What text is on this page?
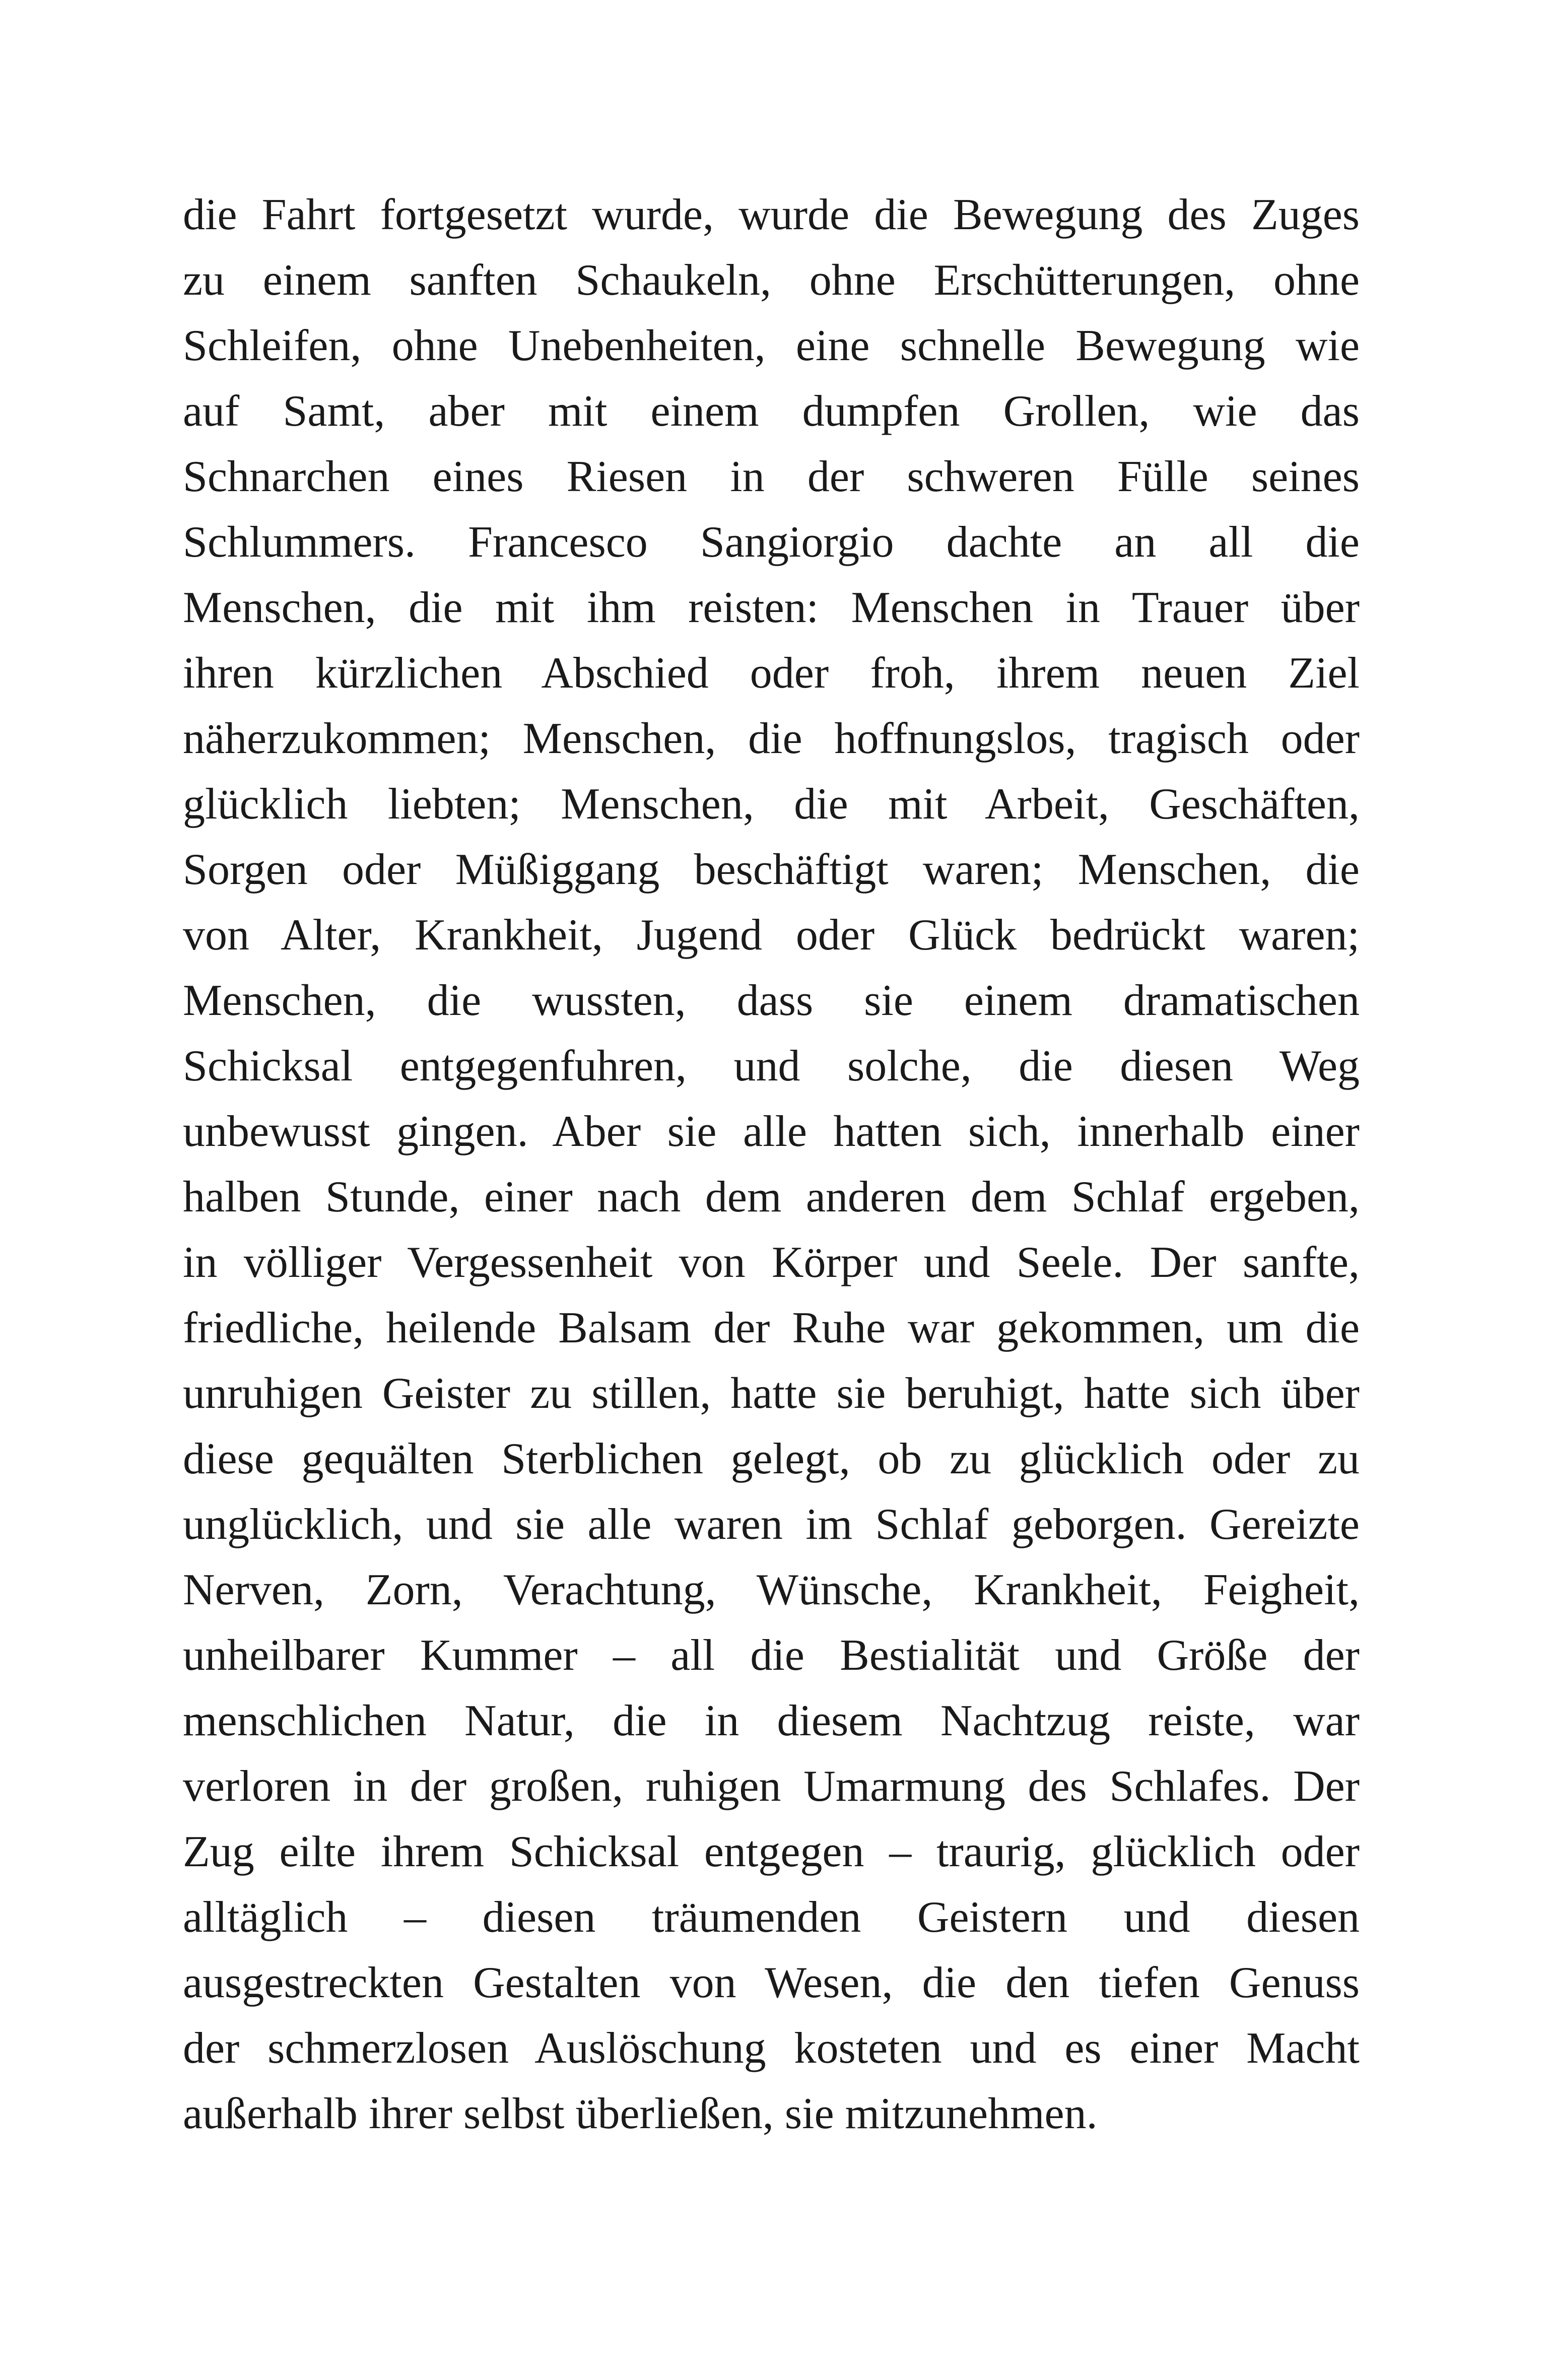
die Fahrt fortgesetzt wurde, wurde die Bewegung des Zuges
zu einem sanften Schaukeln, ohne Erschütterungen, ohne
Schleifen, ohne Unebenheiten, eine schnelle Bewegung wie
auf Samt, aber mit einem dumpfen Grollen, wie das
Schnarchen eines Riesen in der schweren Fülle seines
Schlummers. Francesco Sangiorgio dachte an all die
Menschen, die mit ihm reisten: Menschen in Trauer über
ihren kürzlichen Abschied oder froh, ihrem neuen Ziel
näherzukommen; Menschen, die hoffnungslos, tragisch oder
glücklich liebten; Menschen, die mit Arbeit, Geschäften,
Sorgen oder Müßiggang beschäftigt waren; Menschen, die
von Alter, Krankheit, Jugend oder Glück bedrückt waren;
Menschen, die wussten, dass sie einem dramatischen
Schicksal entgegenfuhren, und solche, die diesen Weg
unbewusst gingen. Aber sie alle hatten sich, innerhalb einer
halben Stunde, einer nach dem anderen dem Schlaf ergeben,
in völliger Vergessenheit von Körper und Seele. Der sanfte,
friedliche, heilende Balsam der Ruhe war gekommen, um die
unruhigen Geister zu stillen, hatte sie beruhigt, hatte sich über
diese gequälten Sterblichen gelegt, ob zu glücklich oder zu
unglücklich, und sie alle waren im Schlaf geborgen. Gereizte
Nerven, Zorn, Verachtung, Wünsche, Krankheit, Feigheit,
unheilbarer Kummer – all die Bestialität und Größe der
menschlichen Natur, die in diesem Nachtzug reiste, war
verloren in der großen, ruhigen Umarmung des Schlafes. Der
Zug eilte ihrem Schicksal entgegen – traurig, glücklich oder
alltäglich – diesen träumenden Geistern und diesen
ausgestreckten Gestalten von Wesen, die den tiefen Genuss
der schmerzlosen Auslöschung kosteten und es einer Macht
außerhalb ihrer selbst überließen, sie mitzunehmen.
